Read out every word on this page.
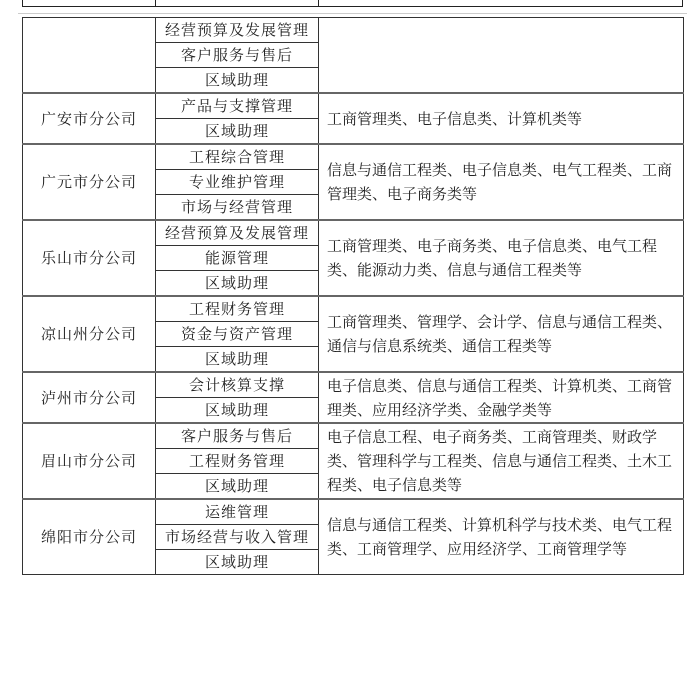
	经营预算及发展管理	
	客户服务与售后	
	区域助理	
广安市分公司	产品与支撑管理	工商管理类、电子信息类、计算机类等
	区域助理	
广元市分公司	工程综合管理	信息与通信工程类、电子信息类、电气工程类、工商管理类、电子商务类等
	专业维护管理	
	市场与经营管理	
乐山市分公司	经营预算及发展管理	工商管理类、电子商务类、电子信息类、电气工程类、能源动力类、信息与通信工程类等
	能源管理	
	区域助理	
凉山州分公司	工程财务管理	工商管理类、管理学、会计学、信息与通信工程类、通信与信息系统类、通信工程类等
	资金与资产管理	
	区域助理	
泸州市分公司	会计核算支撑	电子信息类、信息与通信工程类、计算机类、工商管理类、应用经济学类、金融学类等
	区域助理	
眉山市分公司	客户服务与售后	电子信息工程、电子商务类、工商管理类、财政学类、管理科学与工程类、信息与通信工程类、土木工程类、电子信息类等
	工程财务管理	
	区域助理	
绵阳市分公司	运维管理	信息与通信工程类、计算机科学与技术类、电气工程类、工商管理学、应用经济学、工商管理学等
	市场经营与收入管理	
	区域助理	
